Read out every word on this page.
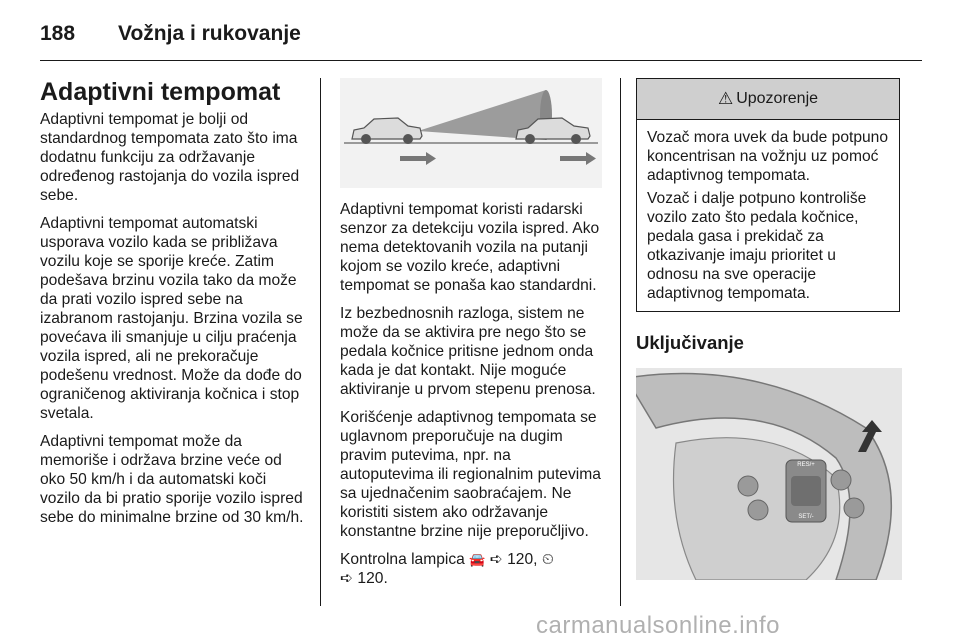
188	Vožnja i rukovanje
Adaptivni tempomat

Adaptivni tempomat je bolji od standardnog tempomata zato što ima dodatnu funkciju za održavanje određenog rastojanja do vozila ispred sebe.

Adaptivni tempomat automatski usporava vozilo kada se približava vozilu koje se sporije kreće. Zatim podešava brzinu vozila tako da može da prati vozilo ispred sebe na izabranom rastojanju. Brzina vozila se povećava ili smanjuje u cilju praćenja vozila ispred, ali ne prekoračuje podešenu vrednost. Može da dođe do ograničenog aktiviranja kočnica i stop svetala.

Adaptivni tempomat može da memoriše i održava brzine veće od oko 50 km/h i da automatski koči vozilo da bi pratio sporije vozilo ispred sebe do minimalne brzine od 30 km/h.

Adaptivni tempomat koristi radarski senzor za detekciju vozila ispred. Ako nema detektovanih vozila na putanji kojom se vozilo kreće, adaptivni tempomat se ponaša kao standardni.

Iz bezbednosnih razloga, sistem ne može da se aktivira pre nego što se pedala kočnice pritisne jednom onda kada je dat kontakt. Nije moguće aktiviranje u prvom stepenu prenosa.

Korišćenje adaptivnog tempomata se uglavnom preporučuje na dugim pravim putevima, npr. na autoputevima ili regionalnim putevima sa ujednačenim saobraćajem. Ne koristiti sistem ako održavanje konstantne brzine nije preporučljivo.

Kontrolna lampica 🚘 ➪ 120, ⏲
➪ 120.

⚠ Upozorenje

Vozač mora uvek da bude potpuno koncentrisan na vožnju uz pomoć adaptivnog tempomata.

Vozač i dalje potpuno kontroliše vozilo zato što pedala kočnice, pedala gasa i prekidač za otkazivanje imaju prioritet u odnosu na sve operacije adaptivnog tempomata.

Uključivanje
RES/+
SET/-
carmanualsonline.info
